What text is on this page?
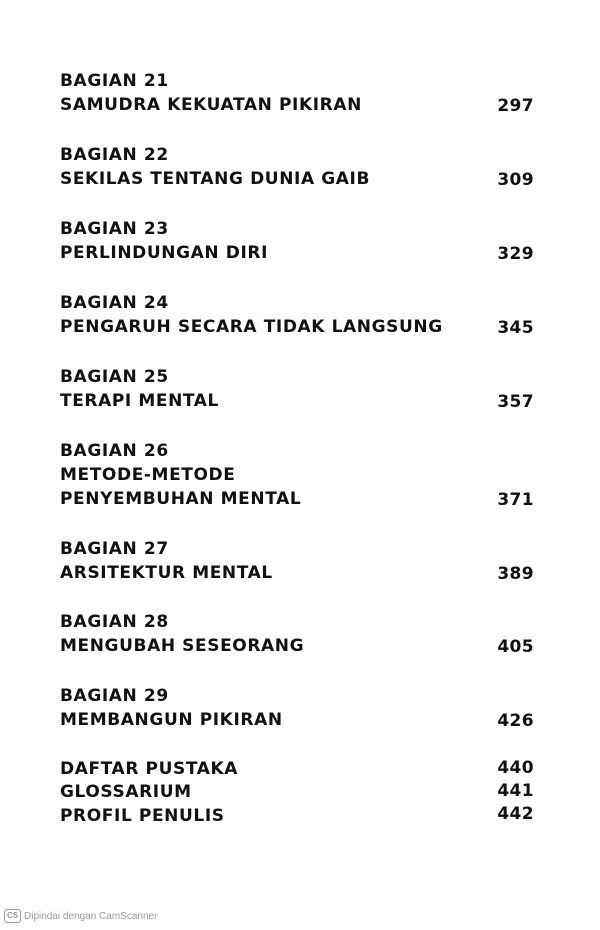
BAGIAN 21
SAMUDRA KEKUATAN PIKIRAN	297
BAGIAN 22
SEKILAS TENTANG DUNIA GAIB	309
BAGIAN 23
PERLINDUNGAN DIRI	329
BAGIAN 24
PENGARUH SECARA TIDAK LANGSUNG	345
BAGIAN 25
TERAPI MENTAL	357
BAGIAN 26
METODE-METODE
PENYEMBUHAN MENTAL	371
BAGIAN 27
ARSITEKTUR MENTAL	389
BAGIAN 28
MENGUBAH SESEORANG	405
BAGIAN 29
MEMBANGUN PIKIRAN	426
DAFTAR PUSTAKA	440
GLOSSARIUM	441
PROFIL PENULIS	442
CS Dipindai dengan CamScanner
